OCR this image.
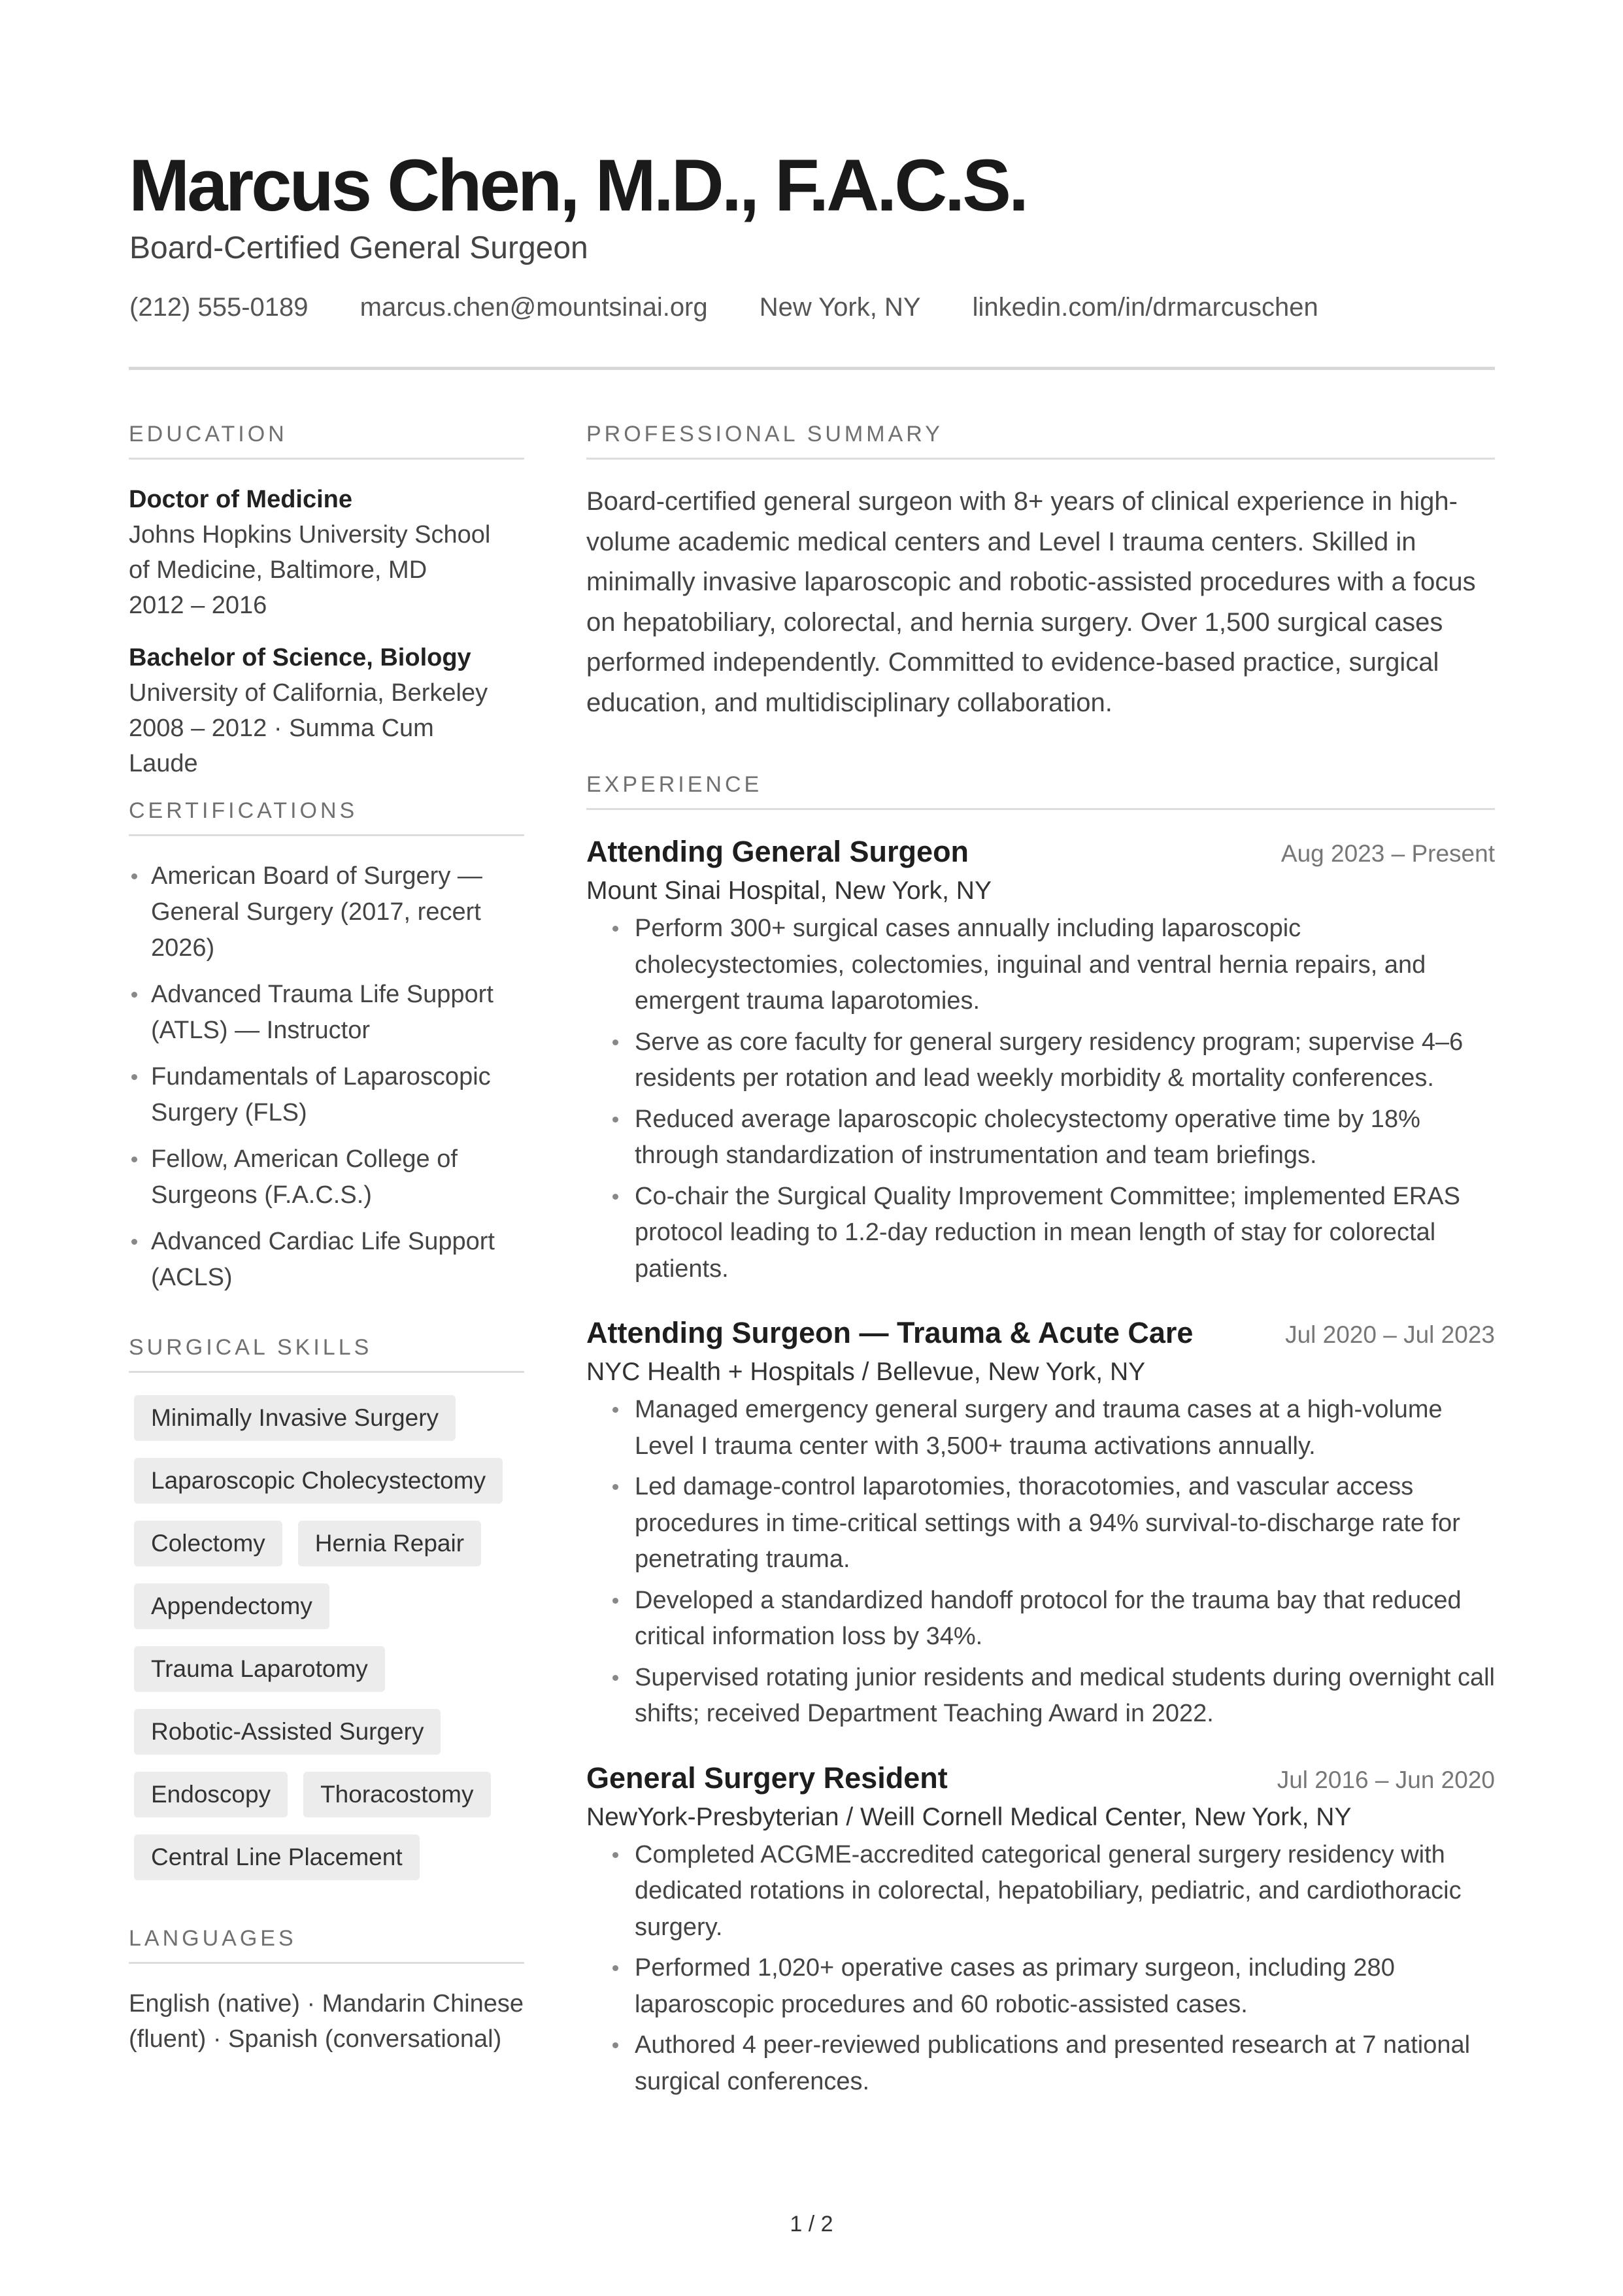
Marcus Chen, M.D., F.A.C.S.
Board-Certified General Surgeon
(212) 555-0189 marcus.chen@mountsinai.org New York, NY linkedin.com/in/drmarcuschen
EDUCATION
Doctor of Medicine
Johns Hopkins University School
of Medicine, Baltimore, MD
2012 – 2016
Bachelor of Science, Biology
University of California, Berkeley
2008 – 2012 · Summa Cum
Laude
CERTIFICATIONS
American Board of Surgery — General Surgery (2017, recert 2026)
Advanced Trauma Life Support (ATLS) — Instructor
Fundamentals of Laparoscopic Surgery (FLS)
Fellow, American College of Surgeons (F.A.C.S.)
Advanced Cardiac Life Support (ACLS)
SURGICAL SKILLS
Minimally Invasive Surgery
Laparoscopic Cholecystectomy
Colectomy	Hernia Repair
Appendectomy
Trauma Laparotomy
Robotic-Assisted Surgery
Endoscopy	Thoracostomy
Central Line Placement
LANGUAGES
English (native) · Mandarin Chinese (fluent) · Spanish (conversational)
PROFESSIONAL SUMMARY

Board-certified general surgeon with 8+ years of clinical experience in high-volume academic medical centers and Level I trauma centers. Skilled in minimally invasive laparoscopic and robotic-assisted procedures with a focus on hepatobiliary, colorectal, and hernia surgery. Over 1,500 surgical cases performed independently. Committed to evidence-based practice, surgical education, and multidisciplinary collaboration.

EXPERIENCE
Attending General Surgeon	Aug 2023 – Present
Mount Sinai Hospital, New York, NY
Perform 300+ surgical cases annually including laparoscopic cholecystectomies, colectomies, inguinal and ventral hernia repairs, and emergent trauma laparotomies.
Serve as core faculty for general surgery residency program; supervise 4–6 residents per rotation and lead weekly morbidity & mortality conferences.
Reduced average laparoscopic cholecystectomy operative time by 18% through standardization of instrumentation and team briefings.
Co-chair the Surgical Quality Improvement Committee; implemented ERAS protocol leading to 1.2-day reduction in mean length of stay for colorectal patients.
Attending Surgeon — Trauma & Acute Care	Jul 2020 – Jul 2023
NYC Health + Hospitals / Bellevue, New York, NY
Managed emergency general surgery and trauma cases at a high-volume Level I trauma center with 3,500+ trauma activations annually.
Led damage-control laparotomies, thoracotomies, and vascular access procedures in time-critical settings with a 94% survival-to-discharge rate for penetrating trauma.
Developed a standardized handoff protocol for the trauma bay that reduced critical information loss by 34%.
Supervised rotating junior residents and medical students during overnight call shifts; received Department Teaching Award in 2022.
General Surgery Resident	Jul 2016 – Jun 2020
NewYork-Presbyterian / Weill Cornell Medical Center, New York, NY
Completed ACGME-accredited categorical general surgery residency with dedicated rotations in colorectal, hepatobiliary, pediatric, and cardiothoracic surgery.
Performed 1,020+ operative cases as primary surgeon, including 280 laparoscopic procedures and 60 robotic-assisted cases.
Authored 4 peer-reviewed publications and presented research at 7 national surgical conferences.
1 / 2
